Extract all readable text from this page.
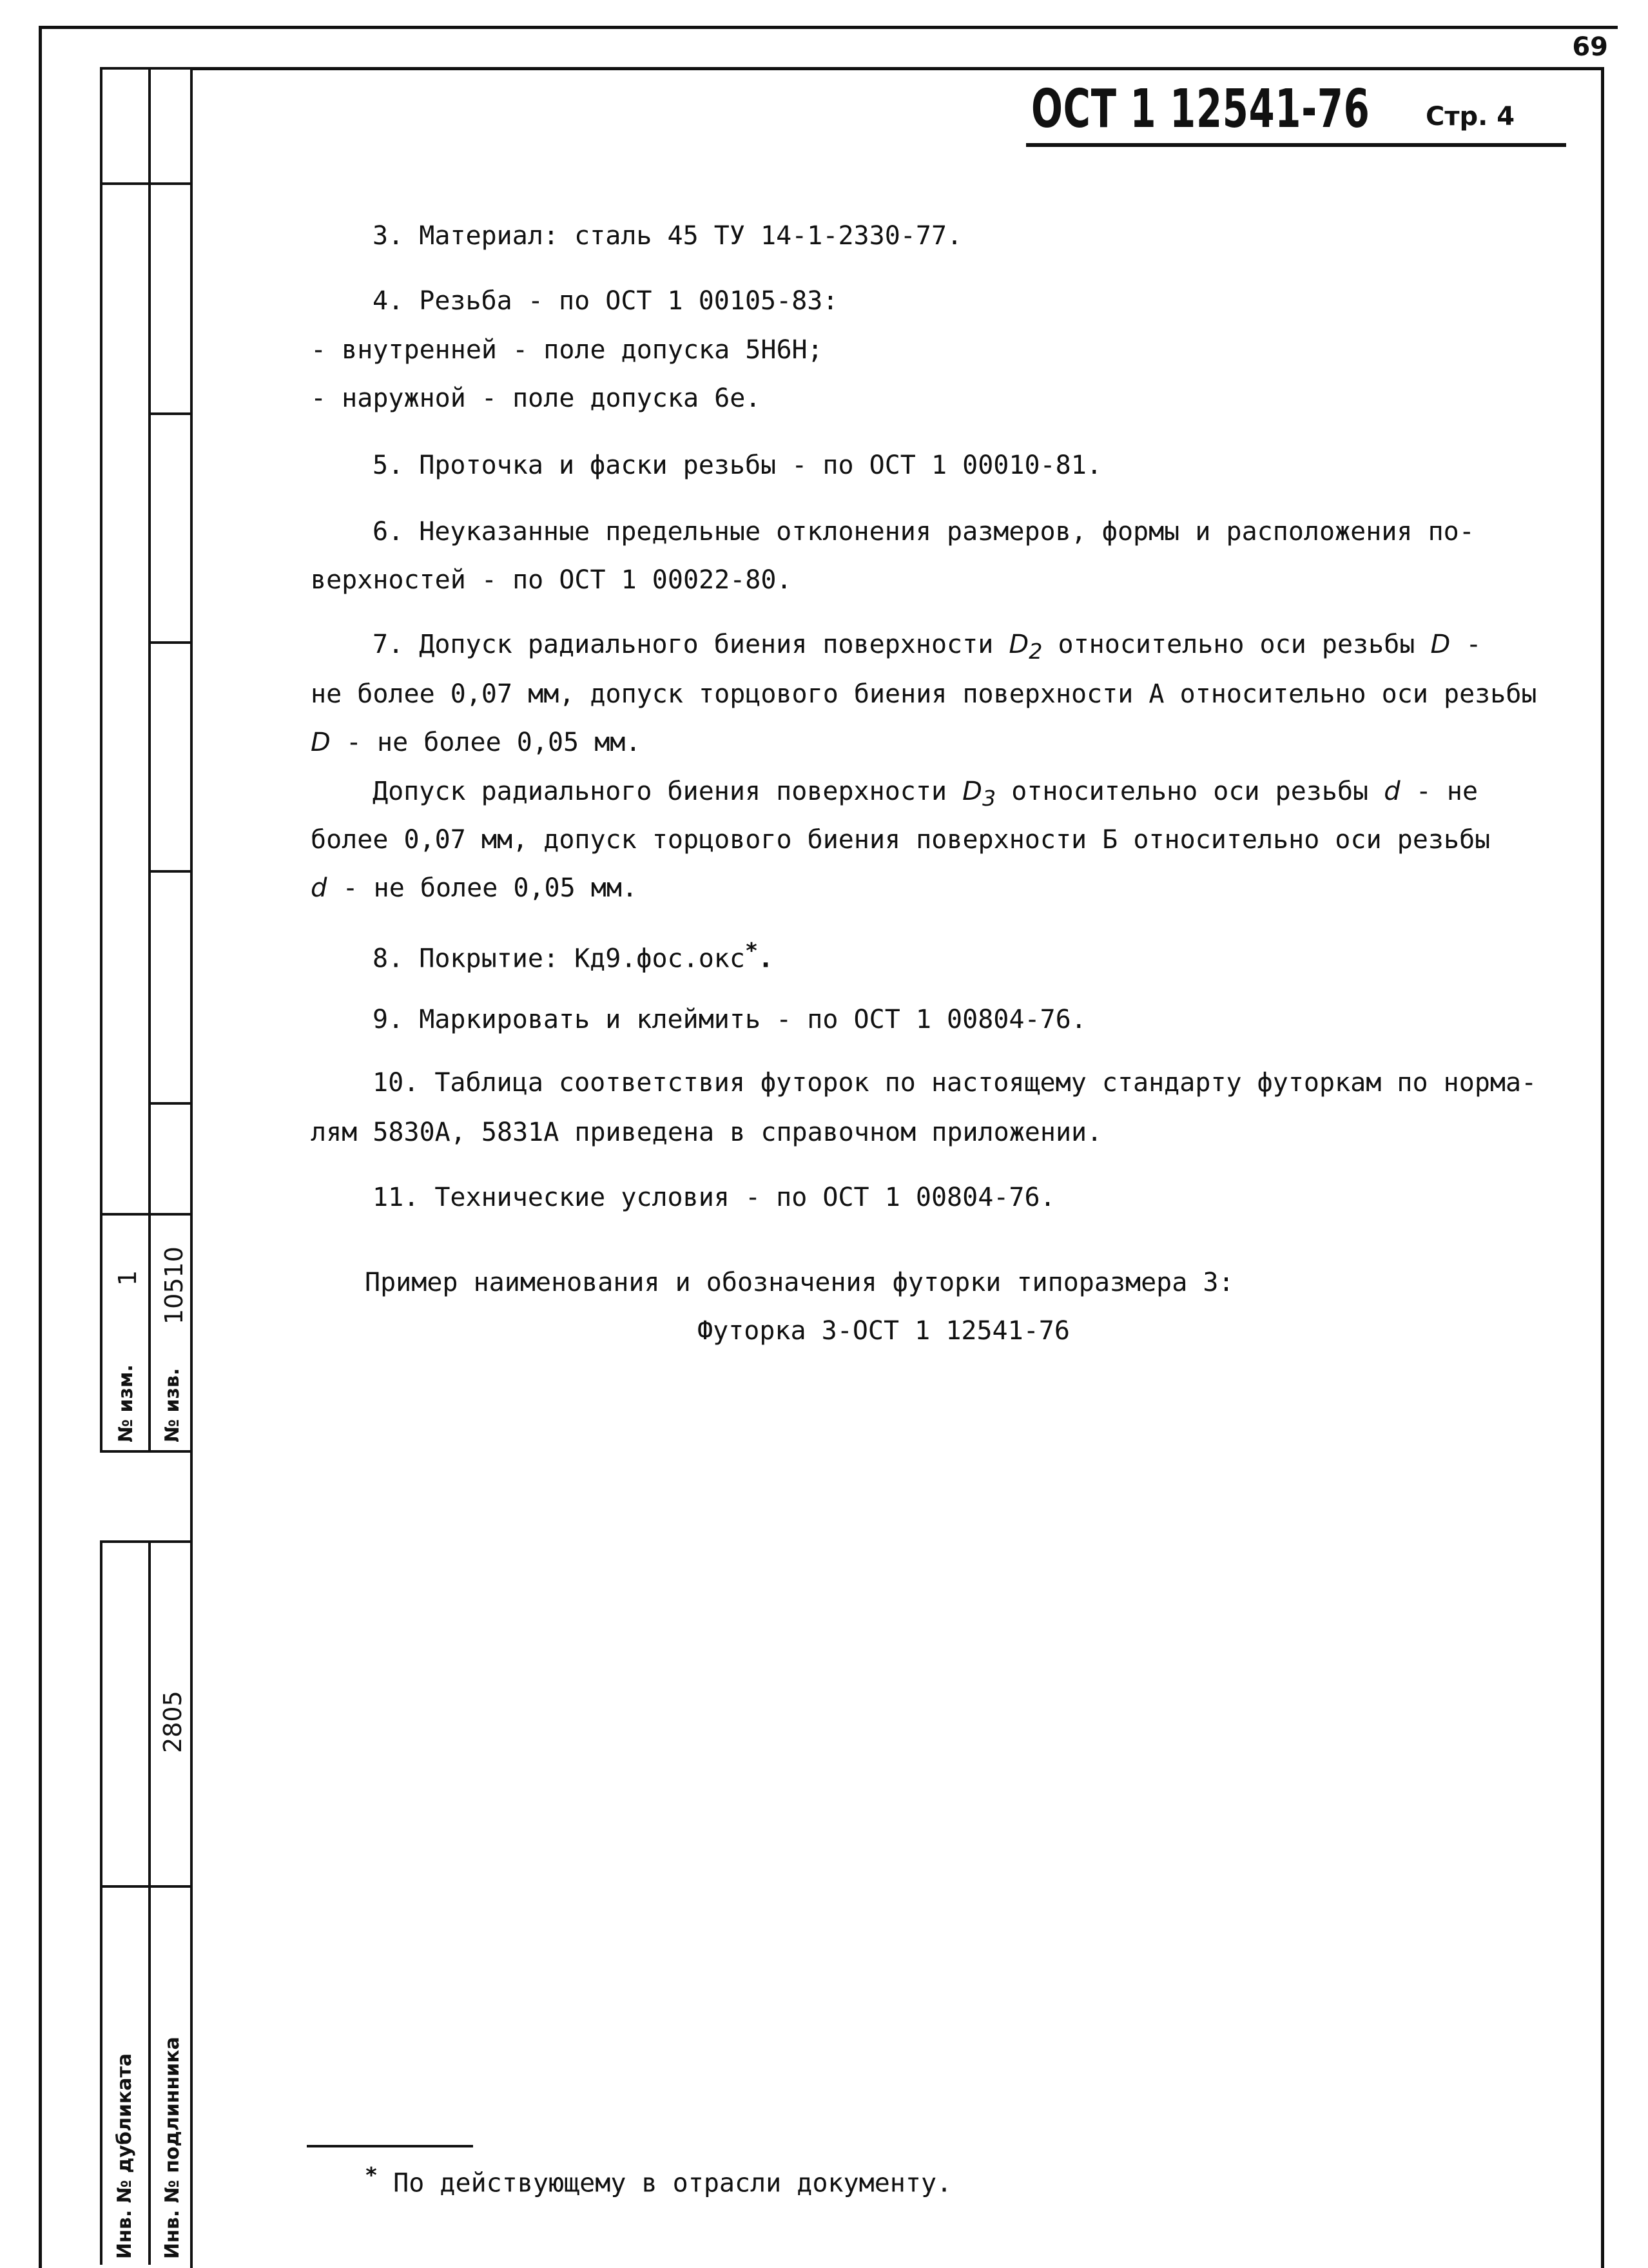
№ изм.
1
№ изв.
10510
Инв. № дубликата Инв. № подлинника
2805
69
ОСТ 1 12541-76 Стр. 4
3. Материал: сталь 45 ТУ 14-1-2330-77.
4. Резьба - по ОСТ 1 00105-83:
- внутренней - поле допуска 5Н6Н;
- наружной - поле допуска 6е.
5. Проточка и фаски резьбы - по ОСТ 1 00010-81.
6. Неуказанные предельные отклонения размеров, формы и расположения по-
верхностей - по ОСТ 1 00022-80.
7. Допуск радиального биения поверхности $D_2$ относительно оси резьбы D -
не более 0,07 мм, допуск торцового биения поверхности А относительно оси резьбы
D - не более 0,05 мм.
Допуск радиального биения поверхности $D_3$ относительно оси резьбы d - не
более 0,07 мм, допуск торцового биения поверхности Б относительно оси резьбы
d - не более 0,05 мм.
8. Покрытие: Кд9.фос.окс*.
9. Маркировать и клеймить - по ОСТ 1 00804-76.
10. Таблица соответствия футорок по настоящему стандарту футоркам по норма-
лям 5830А, 5831А приведена в справочном приложении.
11. Технические условия - по ОСТ 1 00804-76.
Пример наименования и обозначения футорки типоразмера 3:
Футорка 3-ОСТ 1 12541-76
* По действующему в отрасли документу.
